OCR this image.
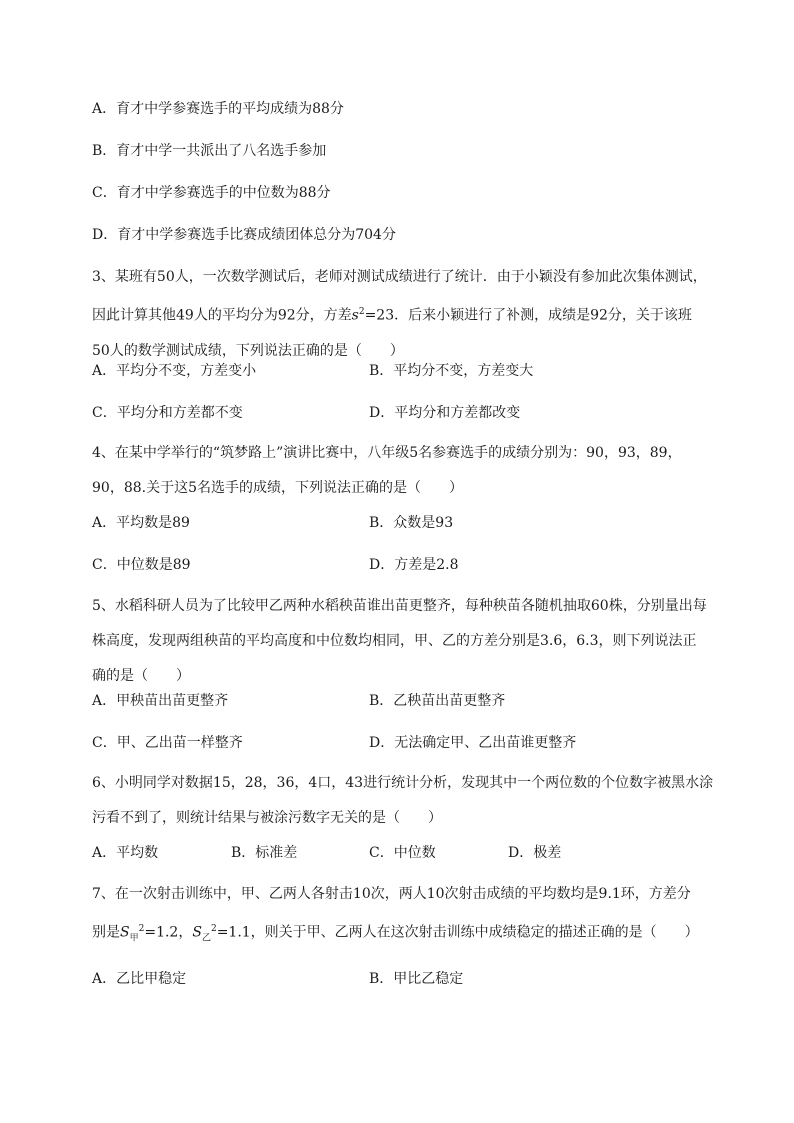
A．育才中学参赛选手的平均成绩为88分
B．育才中学一共派出了八名选手参加
C．育才中学参赛选手的中位数为88分
D．育才中学参赛选手比赛成绩团体总分为704分
3、某班有50人，一次数学测试后，老师对测试成绩进行了统计．由于小颖没有参加此次集体测试，
因此计算其他49人的平均分为92分，方差$s^2=23$．后来小颖进行了补测，成绩是92分，关于该班
50人的数学测试成绩，下列说法正确的是（　　）
A．平均分不变，方差变小	B．平均分不变，方差变大
C．平均分和方差都不变	D．平均分和方差都改变
4、在某中学举行的“筑梦路上”演讲比赛中，八年级5名参赛选手的成绩分别为：90，93，89，
90，88.关于这5名选手的成绩，下列说法正确的是（　　）
A．平均数是89	B．众数是93
C．中位数是89	D．方差是2.8
5、水稻科研人员为了比较甲乙两种水稻秧苗谁出苗更整齐，每种秧苗各随机抽取60株，分别量出每
株高度，发现两组秧苗的平均高度和中位数均相同，甲、乙的方差分别是3.6，6.3，则下列说法正
确的是（　　）
A．甲秧苗出苗更整齐	B．乙秧苗出苗更整齐
C．甲、乙出苗一样整齐	D．无法确定甲、乙出苗谁更整齐
6、小明同学对数据15，28，36，4口，43进行统计分析，发现其中一个两位数的个位数字被黑水涂
污看不到了，则统计结果与被涂污数字无关的是（　　）
A．平均数	B．标准差	C．中位数	D．极差
7、在一次射击训练中，甲、乙两人各射击10次，两人10次射击成绩的平均数均是9.1环，方差分
别是$S_甲^2=1.2$，$S_乙^2=1.1$，则关于甲、乙两人在这次射击训练中成绩稳定的描述正确的是（　　）
A．乙比甲稳定	B．甲比乙稳定
